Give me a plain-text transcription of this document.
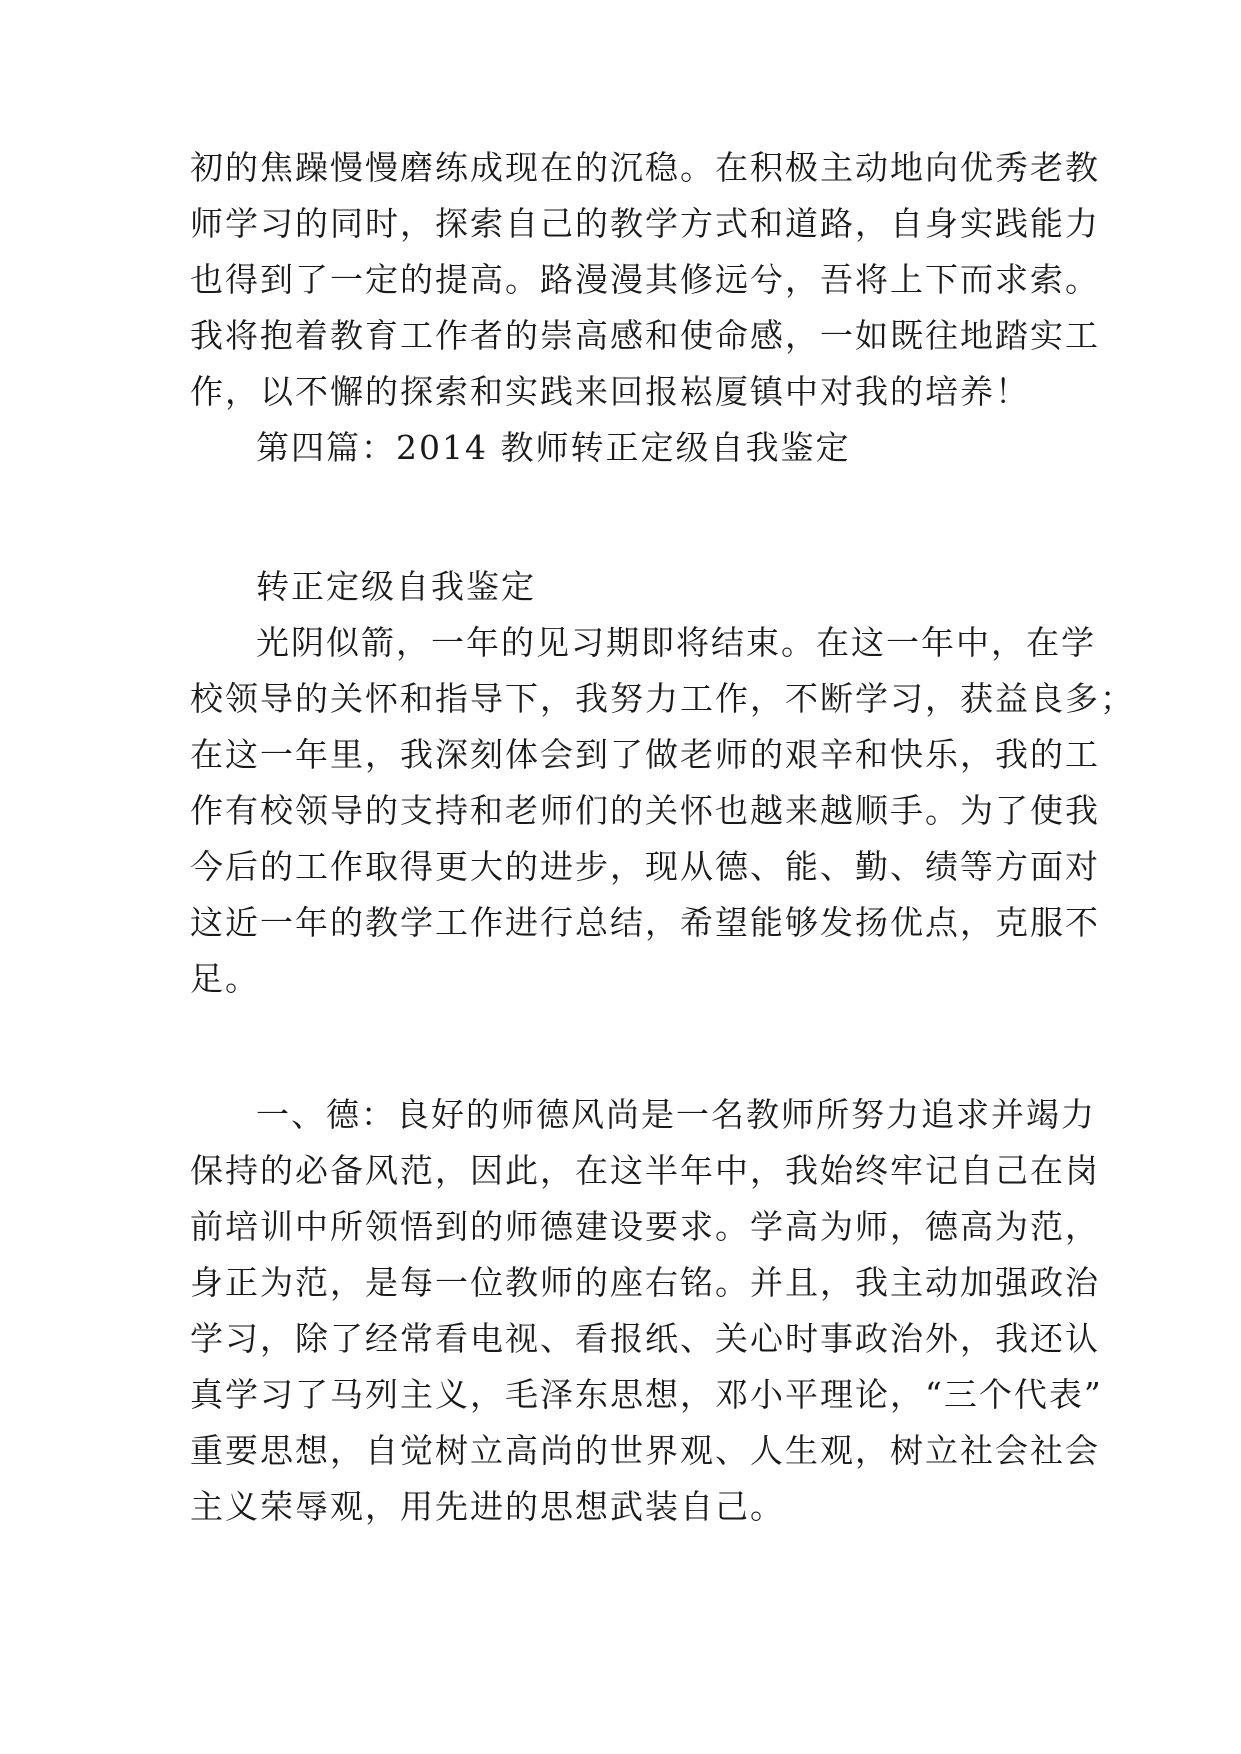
初的焦躁慢慢磨练成现在的沉稳。在积极主动地向优秀老教
师学习的同时，探索自己的教学方式和道路，自身实践能力
也得到了一定的提高。路漫漫其修远兮，吾将上下而求索。
我将抱着教育工作者的崇高感和使命感，一如既往地踏实工
作，以不懈的探索和实践来回报崧厦镇中对我的培养！
第四篇：2014 教师转正定级自我鉴定
转正定级自我鉴定
光阴似箭，一年的见习期即将结束。在这一年中，在学
校领导的关怀和指导下，我努力工作，不断学习，获益良多；
在这一年里，我深刻体会到了做老师的艰辛和快乐，我的工
作有校领导的支持和老师们的关怀也越来越顺手。为了使我
今后的工作取得更大的进步，现从德、能、勤、绩等方面对
这近一年的教学工作进行总结，希望能够发扬优点，克服不
足。
一、德：良好的师德风尚是一名教师所努力追求并竭力
保持的必备风范，因此，在这半年中，我始终牢记自己在岗
前培训中所领悟到的师德建设要求。学高为师，德高为范，
身正为范，是每一位教师的座右铭。并且，我主动加强政治
学习，除了经常看电视、看报纸、关心时事政治外，我还认
真学习了马列主义，毛泽东思想，邓小平理论，“三个代表”
重要思想，自觉树立高尚的世界观、人生观，树立社会社会
主义荣辱观，用先进的思想武装自己。
